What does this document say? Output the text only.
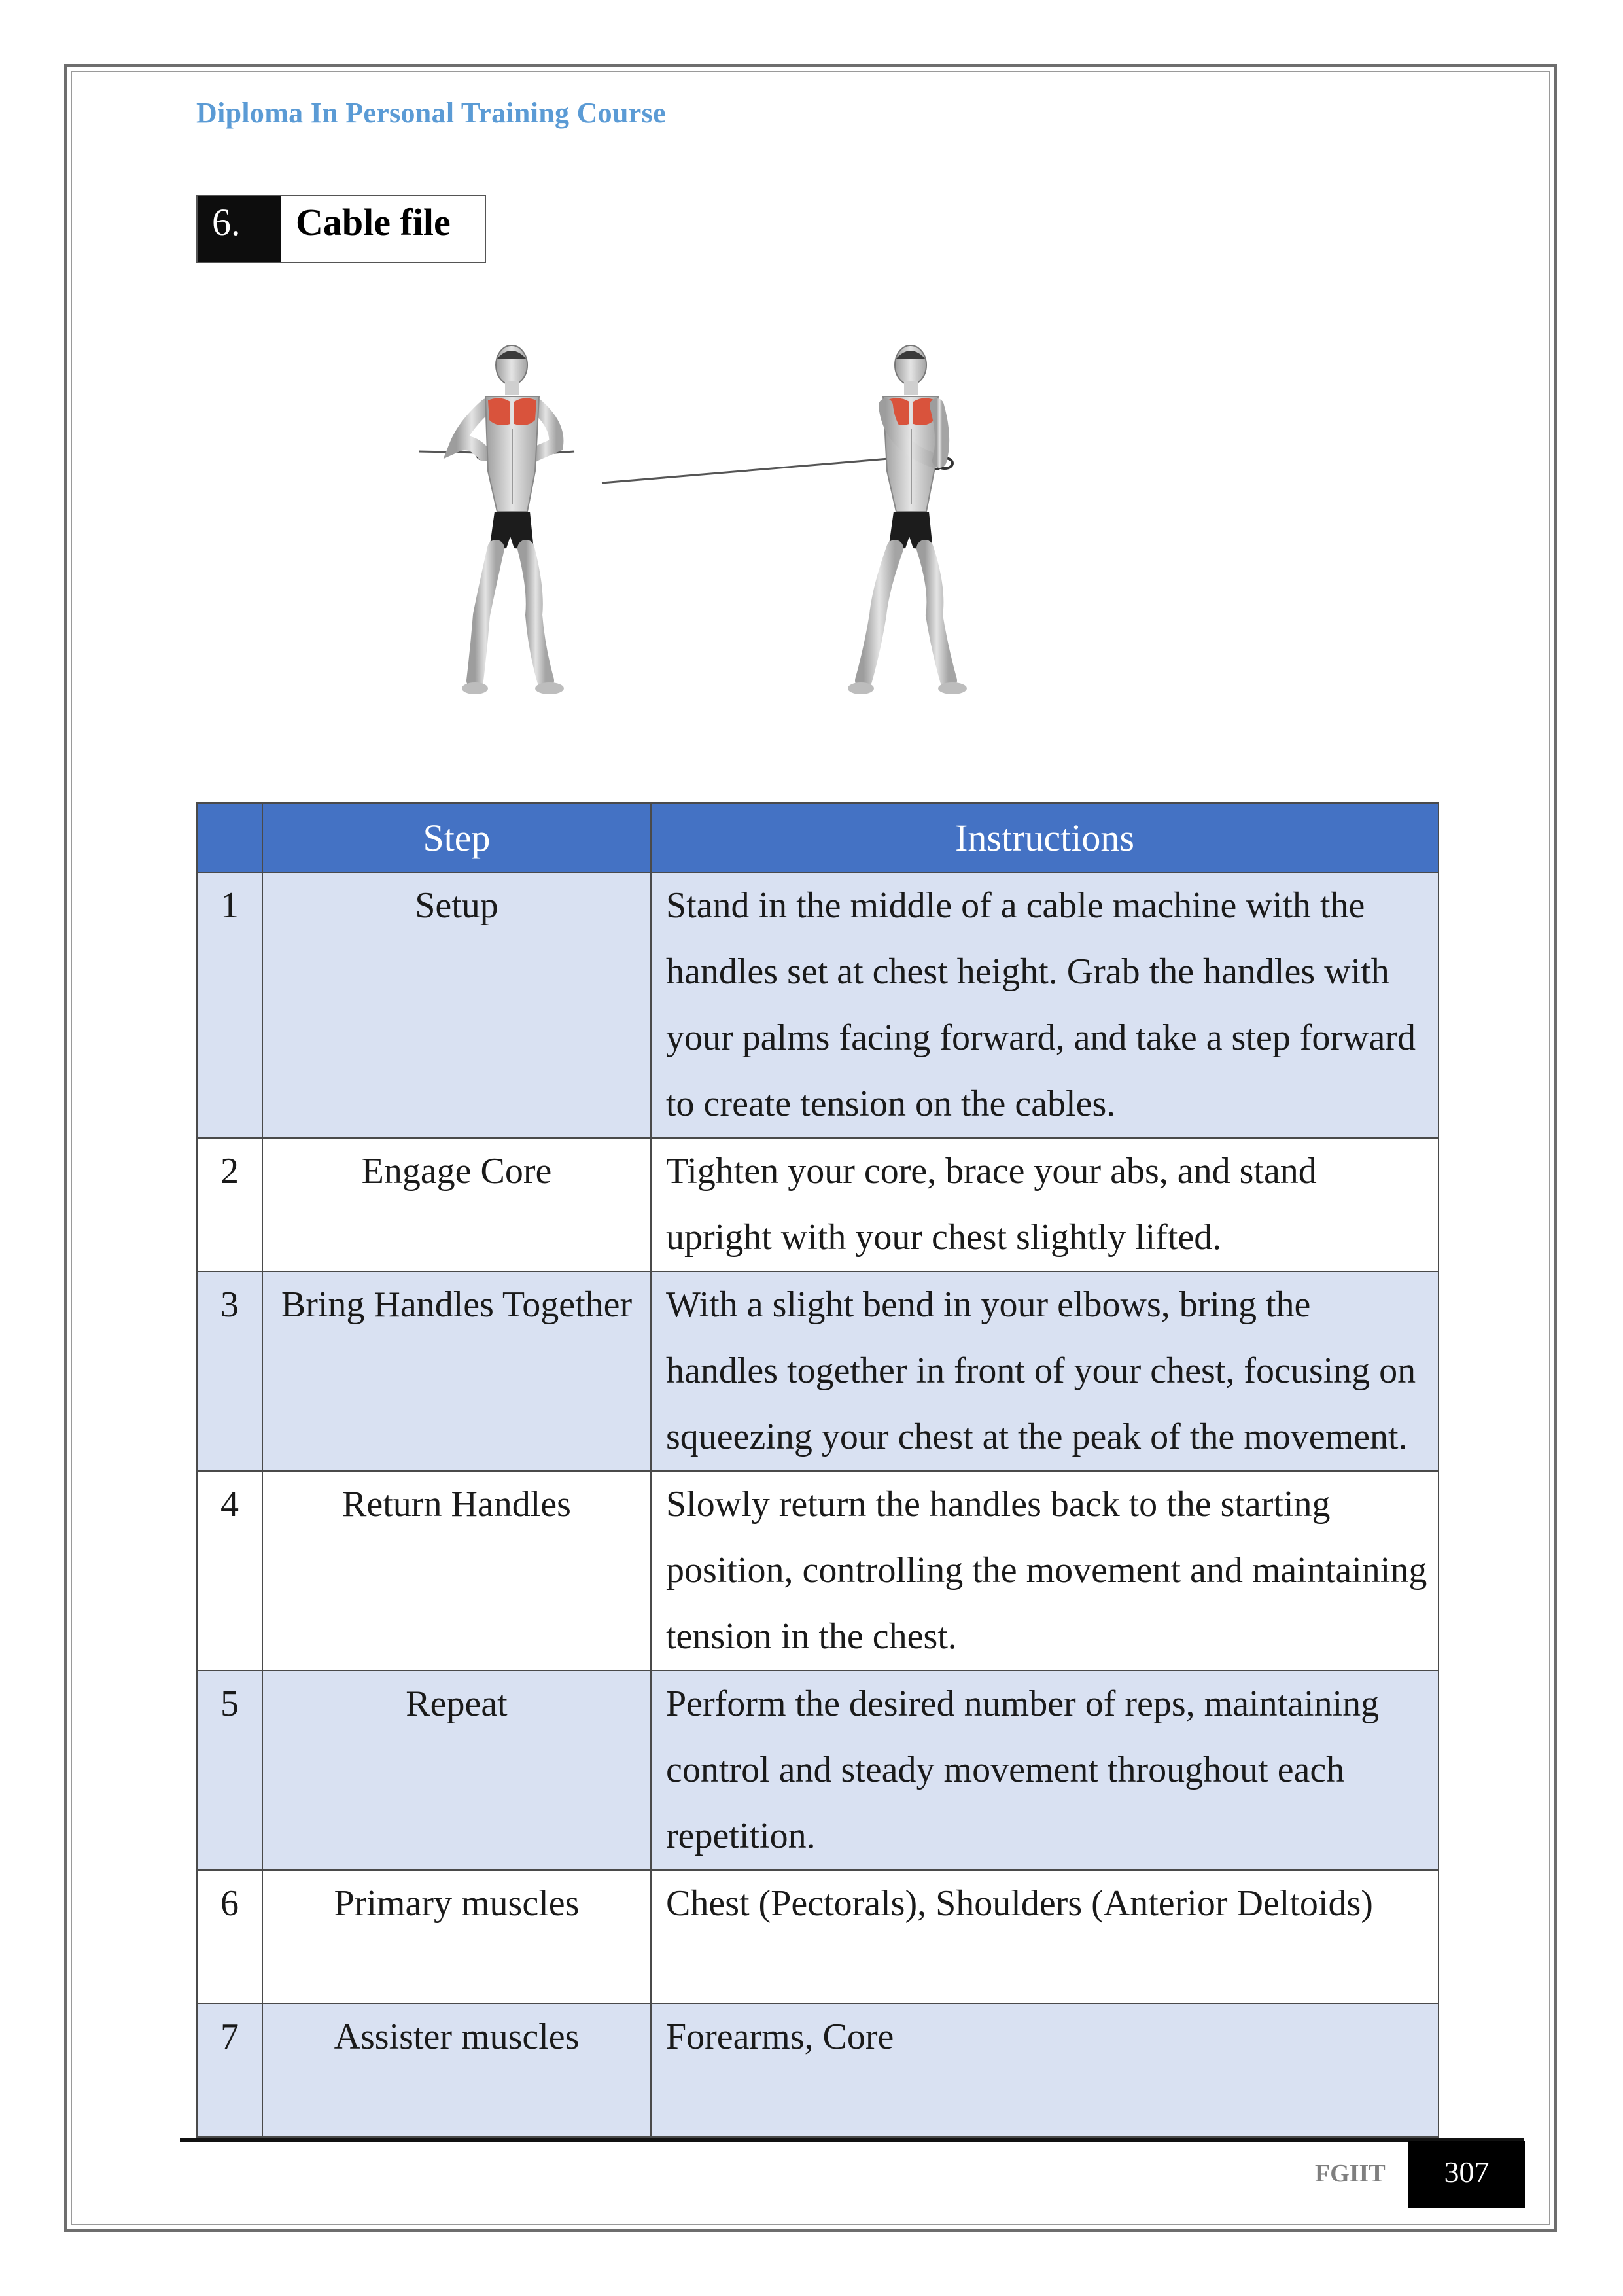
Diploma In Personal Training Course
6.	Cable file
	Step	Instructions
1	Setup	Stand in the middle of a cable machine with the handles set at chest height. Grab the handles with your palms facing forward, and take a step forward to create tension on the cables.
2	Engage Core	Tighten your core, brace your abs, and stand upright with your chest slightly lifted.
3	Bring Handles Together	With a slight bend in your elbows, bring the handles together in front of your chest, focusing on squeezing your chest at the peak of the movement.
4	Return Handles	Slowly return the handles back to the starting position, controlling the movement and maintaining tension in the chest.
5	Repeat	Perform the desired number of reps, maintaining control and steady movement throughout each repetition.
6	Primary muscles	Chest (Pectorals), Shoulders (Anterior Deltoids)
7	Assister muscles	Forearms, Core
FGIIT	307
